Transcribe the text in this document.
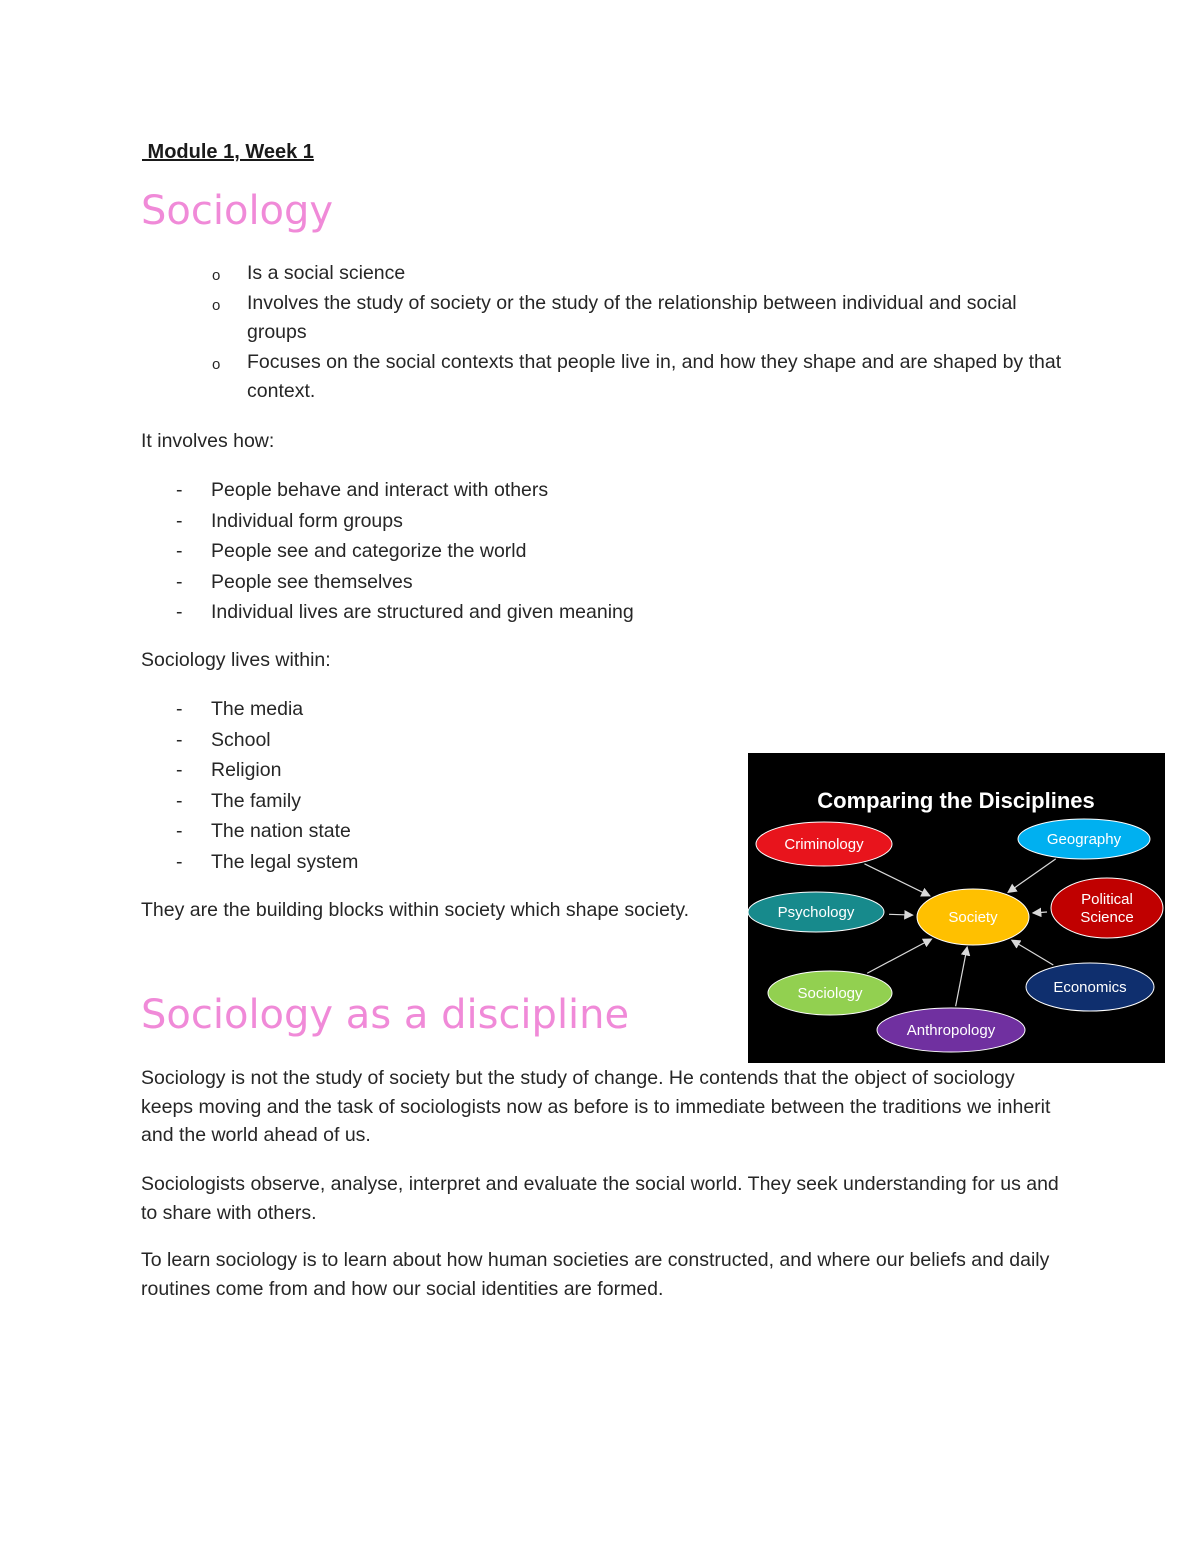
Module 1, Week 1
Sociology
o Is a social science
o Involves the study of society or the study of the relationship between individual and social groups
o Focuses on the social contexts that people live in, and how they shape and are shaped by that context.

It involves how:

- People behave and interact with others
- Individual form groups
- People see and categorize the world
- People see themselves
- Individual lives are structured and given meaning

Sociology lives within:

- The media
- School
- Religion
- The family
- The nation state
- The legal system

They are the building blocks within society which shape society.

Comparing the Disciplines
Society
Criminology	Geography
Psychology
Political Science
Sociology	Economics
Anthropology
Sociology as a discipline

Sociology is not the study of society but the study of change. He contends that the object of sociology keeps moving and the task of sociologists now as before is to immediate between the traditions we inherit and the world ahead of us.

Sociologists observe, analyse, interpret and evaluate the social world. They seek understanding for us and to share with others.

To learn sociology is to learn about how human societies are constructed, and where our beliefs and daily routines come from and how our social identities are formed.
